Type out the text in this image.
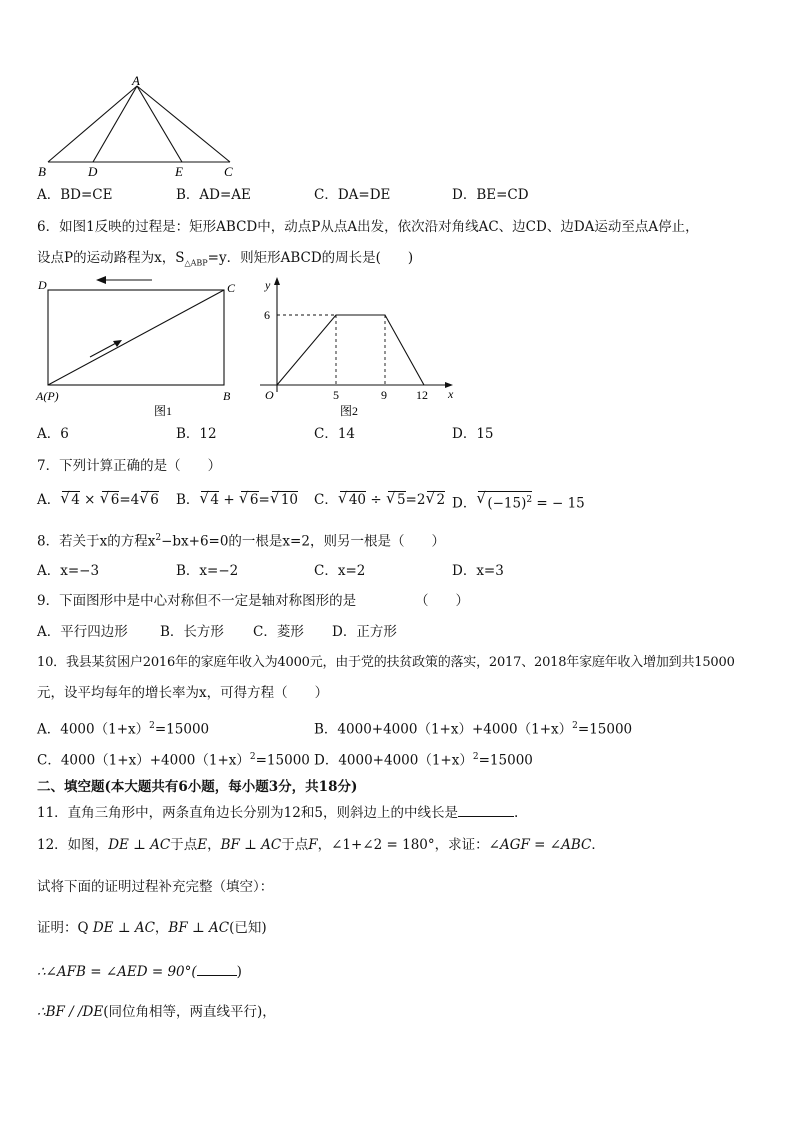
A
B	D	E	C
A．BD=CE	B．AD=AE	C．DA=DE	D．BE=CD
6．如图1反映的过程是：矩形ABCD中，动点P从点A出发，依次沿对角线AC、边CD、边DA运动至点A停止，
设点P的运动路程为x，$S_{\triangle ABP}=y$．则矩形ABCD的周长是(　　)
D	C
A(P)	B
图1
y
x
O
6
5	9 12
图2
A．6	B．12	C．14	D．15
7．下列计算正确的是（　　）
A． √ 4 × √ 6=4 √ 6 B． √ 4 + √ 6= √ 10 C． √ 40 ÷ √ 5=2 √ 2 D． √ $(-15)^2$ = − 15
8．若关于x的方程$x^2-bx+6=0$的一根是x=2，则另一根是（　　）
A．x=−3	B．x=−2	C．x=2	D．x=3
9．下面图形中是中心对称但不一定是轴对称图形的是	（　　）
A．平行四边形 B．长方形 C．菱形 D．正方形
10．我县某贫困户2016年的家庭年收入为4000元，由于党的扶贫政策的落实，2017、2018年家庭年收入增加到共15000
元，设平均每年的增长率为x，可得方程（　　）
A．$4000(1+x)^2=15000$	B．$4000+4000(1+x)+4000(1+x)^2=15000$
C．$4000(1+x)+4000(1+x)^2=15000$ D．$4000+4000(1+x)^2=15000$
二、填空题(本大题共有6小题，每小题3分，共18分)
11．直角三角形中，两条直角边长分别为12和5，则斜边上的中线长是	.
12．如图，DE ⊥ AC于点E，BF ⊥ AC于点F，∠1+∠2 = 180°，求证：∠AGF = ∠ABC．
试将下面的证明过程补充完整（填空）：
证明：Q DE ⊥ AC，BF ⊥ AC(已知)
∴∠AFB = ∠AED = 90°(	)
∴BF / /DE(同位角相等，两直线平行)，
